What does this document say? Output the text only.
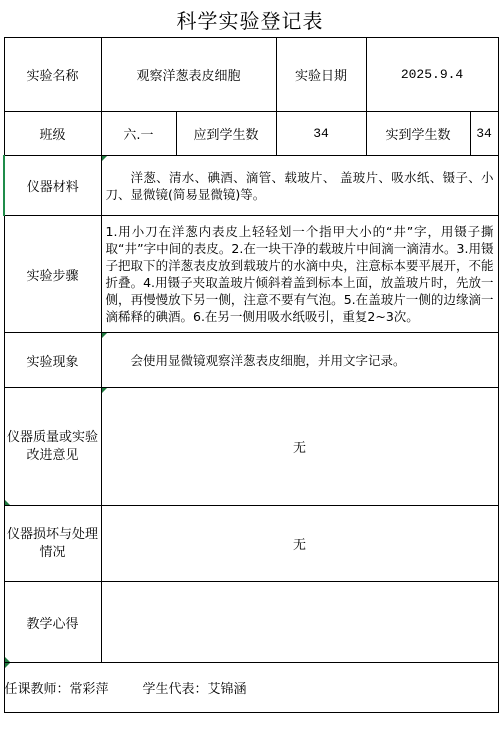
科学实验登记表
实验名称	观察洋葱表皮细胞		实验日期	2025.9.4	
班级	六.一	应到学生数	34	实到学生数	34
仪器材料	洋葱、清水、碘酒、滴管、载玻片、 盖玻片、吸水纸、镊子、小刀、显微镜(简易显微镜)等。				

实验步骤	1.用小刀在洋葱内表皮上轻轻划一个指甲大小的“井”字，用镊子撕取“井”字中间的表皮。2.在一块干净的载玻片中间滴一滴清水。3.用镊子把取下的洋葱表皮放到载玻片的水滴中央，注意标本要平展开，不能折叠。4.用镊子夹取盖玻片倾斜着盖到标本上面，放盖玻片时，先放一侧，再慢慢放下另一侧，注意不要有气泡。5.在盖玻片一侧的边缘滴一滴稀释的碘酒。6.在另一侧用吸水纸吸引，重复2~3次。				

实验现象	会使用显微镜观察洋葱表皮细胞，并用文字记录。				

仪器质量或实验改进意见	无				
仪器损坏与处理情况	无				
教学心得					
任课教师：常彩萍 学生代表：艾锦涵					
